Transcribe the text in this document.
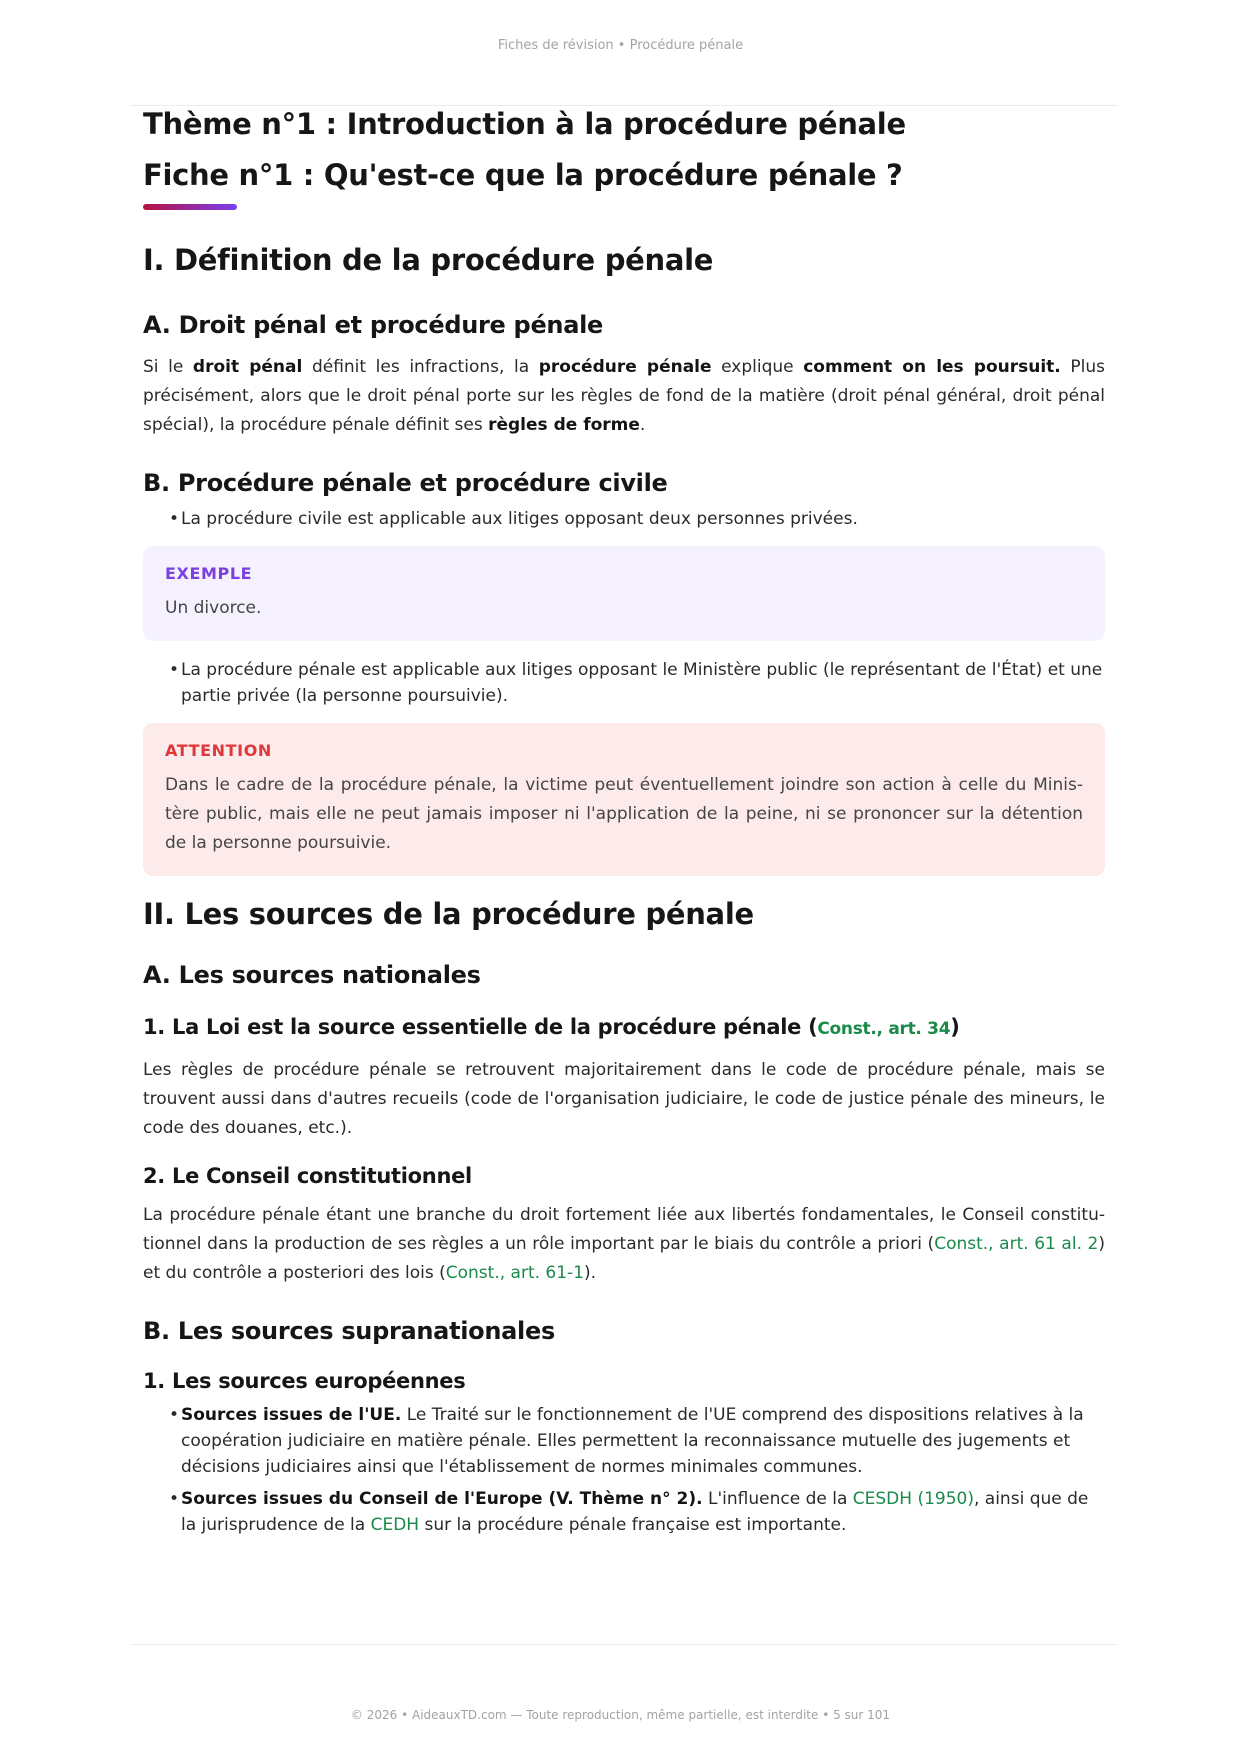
Fiches de révision • Procédure pénale
Thème n°1 : Introduction à la procédure pénale
Fiche n°1 : Qu'est-ce que la procédure pénale ?
I. Définition de la procédure pénale
A. Droit pénal et procédure pénale

Si le droit pénal définit les infractions, la procédure pénale explique comment on les poursuit. Plus précisément, alors que le droit pénal porte sur les règles de fond de la matière (droit pénal général, droit pénal spécial), la procédure pénale définit ses règles de forme.

B. Procédure pénale et procédure civile
• La procédure civile est applicable aux litiges opposant deux personnes privées.
EXEMPLE

Un divorce.

• La procédure pénale est applicable aux litiges opposant le Ministère public (le représentant de l'État) et une partie privée (la personne poursuivie).
ATTENTION

Dans le cadre de la procédure pénale, la victime peut éventuellement joindre son action à celle du Ministère public, mais elle ne peut jamais imposer ni l'application de la peine, ni se prononcer sur la détention de la personne poursuivie.

II. Les sources de la procédure pénale
A. Les sources nationales
1. La Loi est la source essentielle de la procédure pénale (Const., art. 34)

Les règles de procédure pénale se retrouvent majoritairement dans le code de procédure pénale, mais se trouvent aussi dans d'autres recueils (code de l'organisation judiciaire, le code de justice pénale des mineurs, le code des douanes, etc.).

2. Le Conseil constitutionnel

La procédure pénale étant une branche du droit fortement liée aux libertés fondamentales, le Conseil constitutionnel dans la production de ses règles a un rôle important par le biais du contrôle a priori (Const., art. 61 al. 2) et du contrôle a posteriori des lois (Const., art. 61-1).

B. Les sources supranationales
1. Les sources européennes
• Sources issues de l'UE. Le Traité sur le fonctionnement de l'UE comprend des dispositions relatives à la coopération judiciaire en matière pénale. Elles permettent la reconnaissance mutuelle des jugements et décisions judiciaires ainsi que l'établissement de normes minimales communes.
• Sources issues du Conseil de l'Europe (V. Thème n° 2). L'influence de la CESDH (1950), ainsi que de la jurisprudence de la CEDH sur la procédure pénale française est importante.
© 2026 • AideauxTD.com — Toute reproduction, même partielle, est interdite • 5 sur 101
